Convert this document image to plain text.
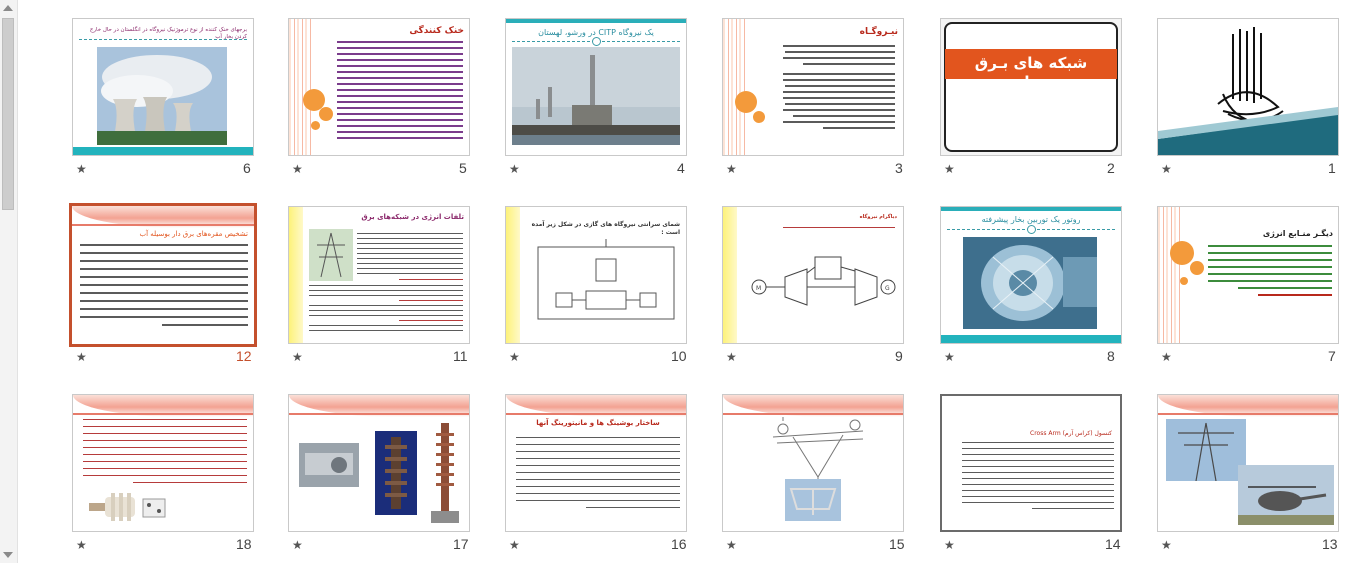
★	1
شبکه های بـرق رسـانی
★	2
نیـروگـاه
★	3
یک نیروگاه CITP در ورشو، لهستان
★	4
خنک کنندگی
★	5
برجهای خنک کننده از نوع ترموژنیک نیروگاه در انگلستان در حال خارج کردن بخار آب
★	6
دیگـر منـابع انرژی
★	7
روتور یک توربین بخار پیشرفته
★	8
دیاگرام نیروگاه
M	G
★	9
شمای سرانتی نیروگاه های گازی در شکل زیر آمده است :
★	10
تلفات انرژی در شبکه‌های برق
★	11
تشخیص مقره‌های برق دار بوسیله آب
★	12
★	13
کنسول (کراس آرم) Cross Arm
★	14
★	15
ساختار بوشینگ ها و مانیتورینگ آنها
★	16
★	17
★	18
